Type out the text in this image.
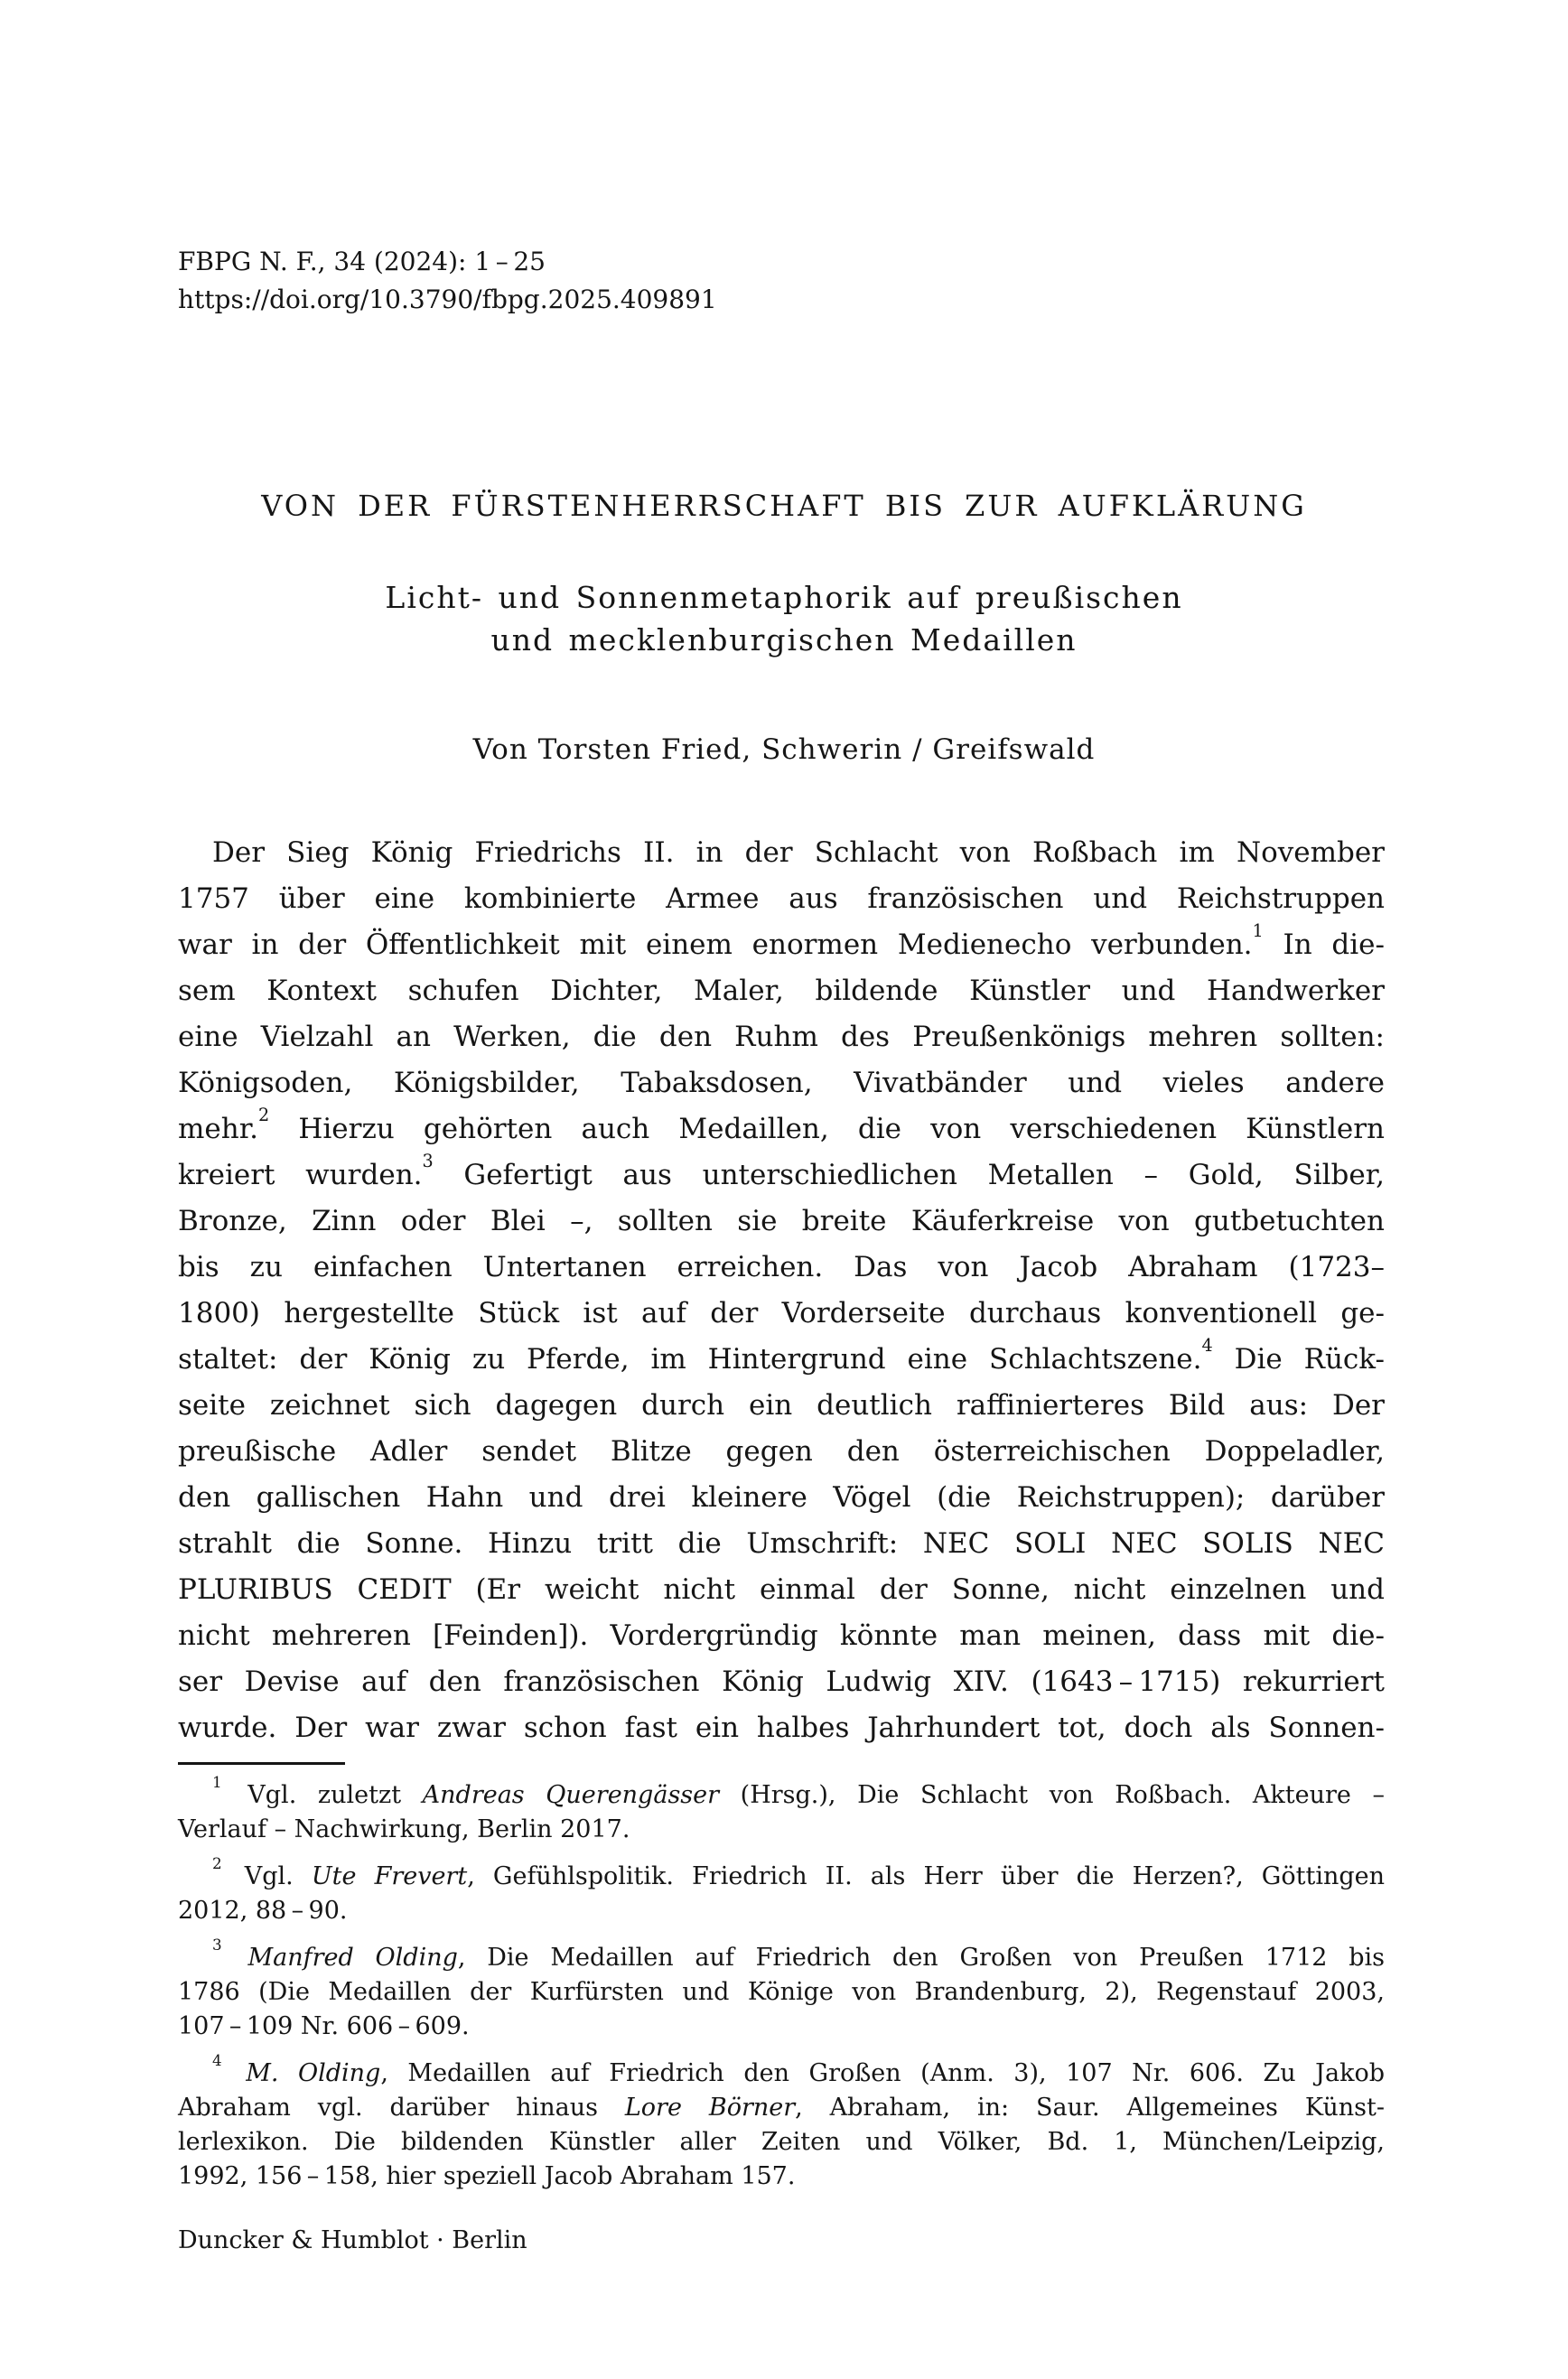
FBPG N. F., 34 (2024): 1 – 25
https://doi.org/10.3790/fbpg.2025.409891
VON DER FÜRSTENHERRSCHAFT BIS ZUR AUFKLÄRUNG
Licht- und Sonnenmetaphorik auf preußischen
und mecklenburgischen Medaillen
Von Torsten Fried, Schwerin / Greifswald
Der Sieg König Friedrichs II. in der Schlacht von Roßbach im November
1757 über eine kombinierte Armee aus französischen und Reichstruppen
war in der Öffentlichkeit mit einem enormen Medienecho verbunden.$^1$ In die-
sem Kontext schufen Dichter, Maler, bildende Künstler und Handwerker
eine Vielzahl an Werken, die den Ruhm des Preußenkönigs mehren sollten:
Königsoden, Königsbilder, Tabaksdosen, Vivatbänder und vieles andere
mehr.$^2$ Hierzu gehörten auch Medaillen, die von verschiedenen Künstlern
kreiert wurden.$^3$ Gefertigt aus unterschiedlichen Metallen – Gold, Silber,
Bronze, Zinn oder Blei –, sollten sie breite Käuferkreise von gutbetuchten
bis zu einfachen Untertanen erreichen. Das von Jacob Abraham (1723–
1800) hergestellte Stück ist auf der Vorderseite durchaus konventionell ge-
staltet: der König zu Pferde, im Hintergrund eine Schlachtszene.$^4$ Die Rück-
seite zeichnet sich dagegen durch ein deutlich raffinierteres Bild aus: Der
preußische Adler sendet Blitze gegen den österreichischen Doppeladler,
den gallischen Hahn und drei kleinere Vögel (die Reichstruppen); darüber
strahlt die Sonne. Hinzu tritt die Umschrift: NEC SOLI NEC SOLIS NEC
PLURIBUS CEDIT (Er weicht nicht einmal der Sonne, nicht einzelnen und
nicht mehreren [Feinden]). Vordergründig könnte man meinen, dass mit die-
ser Devise auf den französischen König Ludwig XIV. (1643 – 1715) rekurriert
wurde. Der war zwar schon fast ein halbes Jahrhundert tot, doch als Sonnen-
$^1$ Vgl. zuletzt Andreas Querengässer (Hrsg.), Die Schlacht von Roßbach. Akteure –
Verlauf – Nachwirkung, Berlin 2017.
$^2$ Vgl. Ute Frevert, Gefühlspolitik. Friedrich II. als Herr über die Herzen?, Göttingen
2012, 88 – 90.
$^3$ Manfred Olding, Die Medaillen auf Friedrich den Großen von Preußen 1712 bis
1786 (Die Medaillen der Kurfürsten und Könige von Brandenburg, 2), Regenstauf 2003,
107 – 109 Nr. 606 – 609.
$^4$ M. Olding, Medaillen auf Friedrich den Großen (Anm. 3), 107 Nr. 606. Zu Jakob
Abraham vgl. darüber hinaus Lore Börner, Abraham, in: Saur. Allgemeines Künst-
lerlexikon. Die bildenden Künstler aller Zeiten und Völker, Bd. 1, München/Leipzig,
1992, 156 – 158, hier speziell Jacob Abraham 157.
Duncker & Humblot · Berlin
